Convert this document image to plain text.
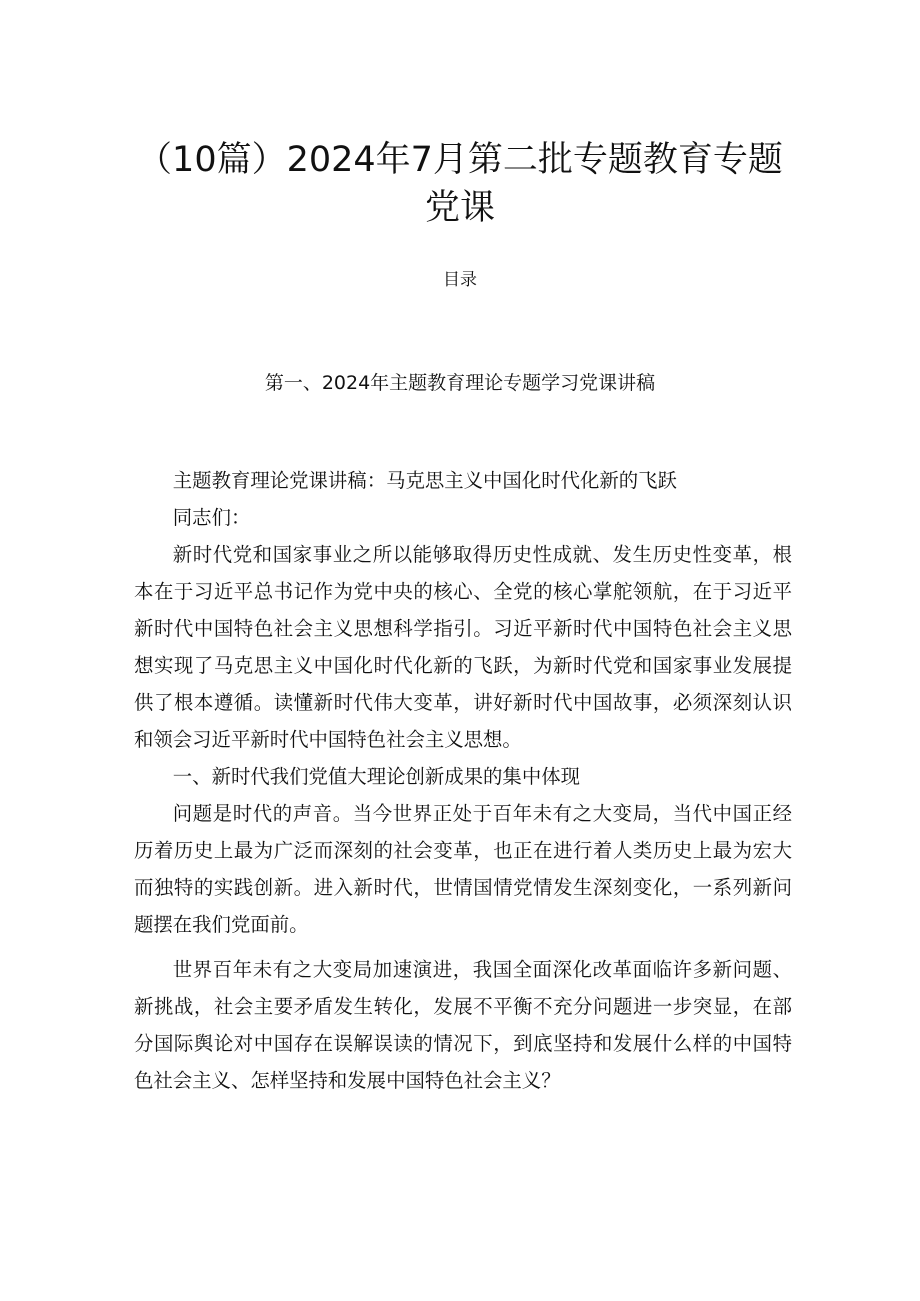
（10篇）2024年7月第二批专题教育专题党课
目录
第一、2024年主题教育理论专题学习党课讲稿

主题教育理论党课讲稿：马克思主义中国化时代化新的飞跃

同志们：

新时代党和国家事业之所以能够取得历史性成就、发生历史性变革，根本在于习近平总书记作为党中央的核心、全党的核心掌舵领航，在于习近平新时代中国特色社会主义思想科学指引。习近平新时代中国特色社会主义思想实现了马克思主义中国化时代化新的飞跃，为新时代党和国家事业发展提供了根本遵循。读懂新时代伟大变革，讲好新时代中国故事，必须深刻认识和领会习近平新时代中国特色社会主义思想。

一、新时代我们党值大理论创新成果的集中体现

问题是时代的声音。当今世界正处于百年未有之大变局，当代中国正经历着历史上最为广泛而深刻的社会变革，也正在进行着人类历史上最为宏大而独特的实践创新。进入新时代，世情国情党情发生深刻变化，一系列新问题摆在我们党面前。

世界百年未有之大变局加速演进，我国全面深化改革面临许多新问题、新挑战，社会主要矛盾发生转化，发展不平衡不充分问题进一步突显，在部分国际舆论对中国存在误解误读的情况下，到底坚持和发展什么样的中国特色社会主义、怎样坚持和发展中国特色社会主义？
